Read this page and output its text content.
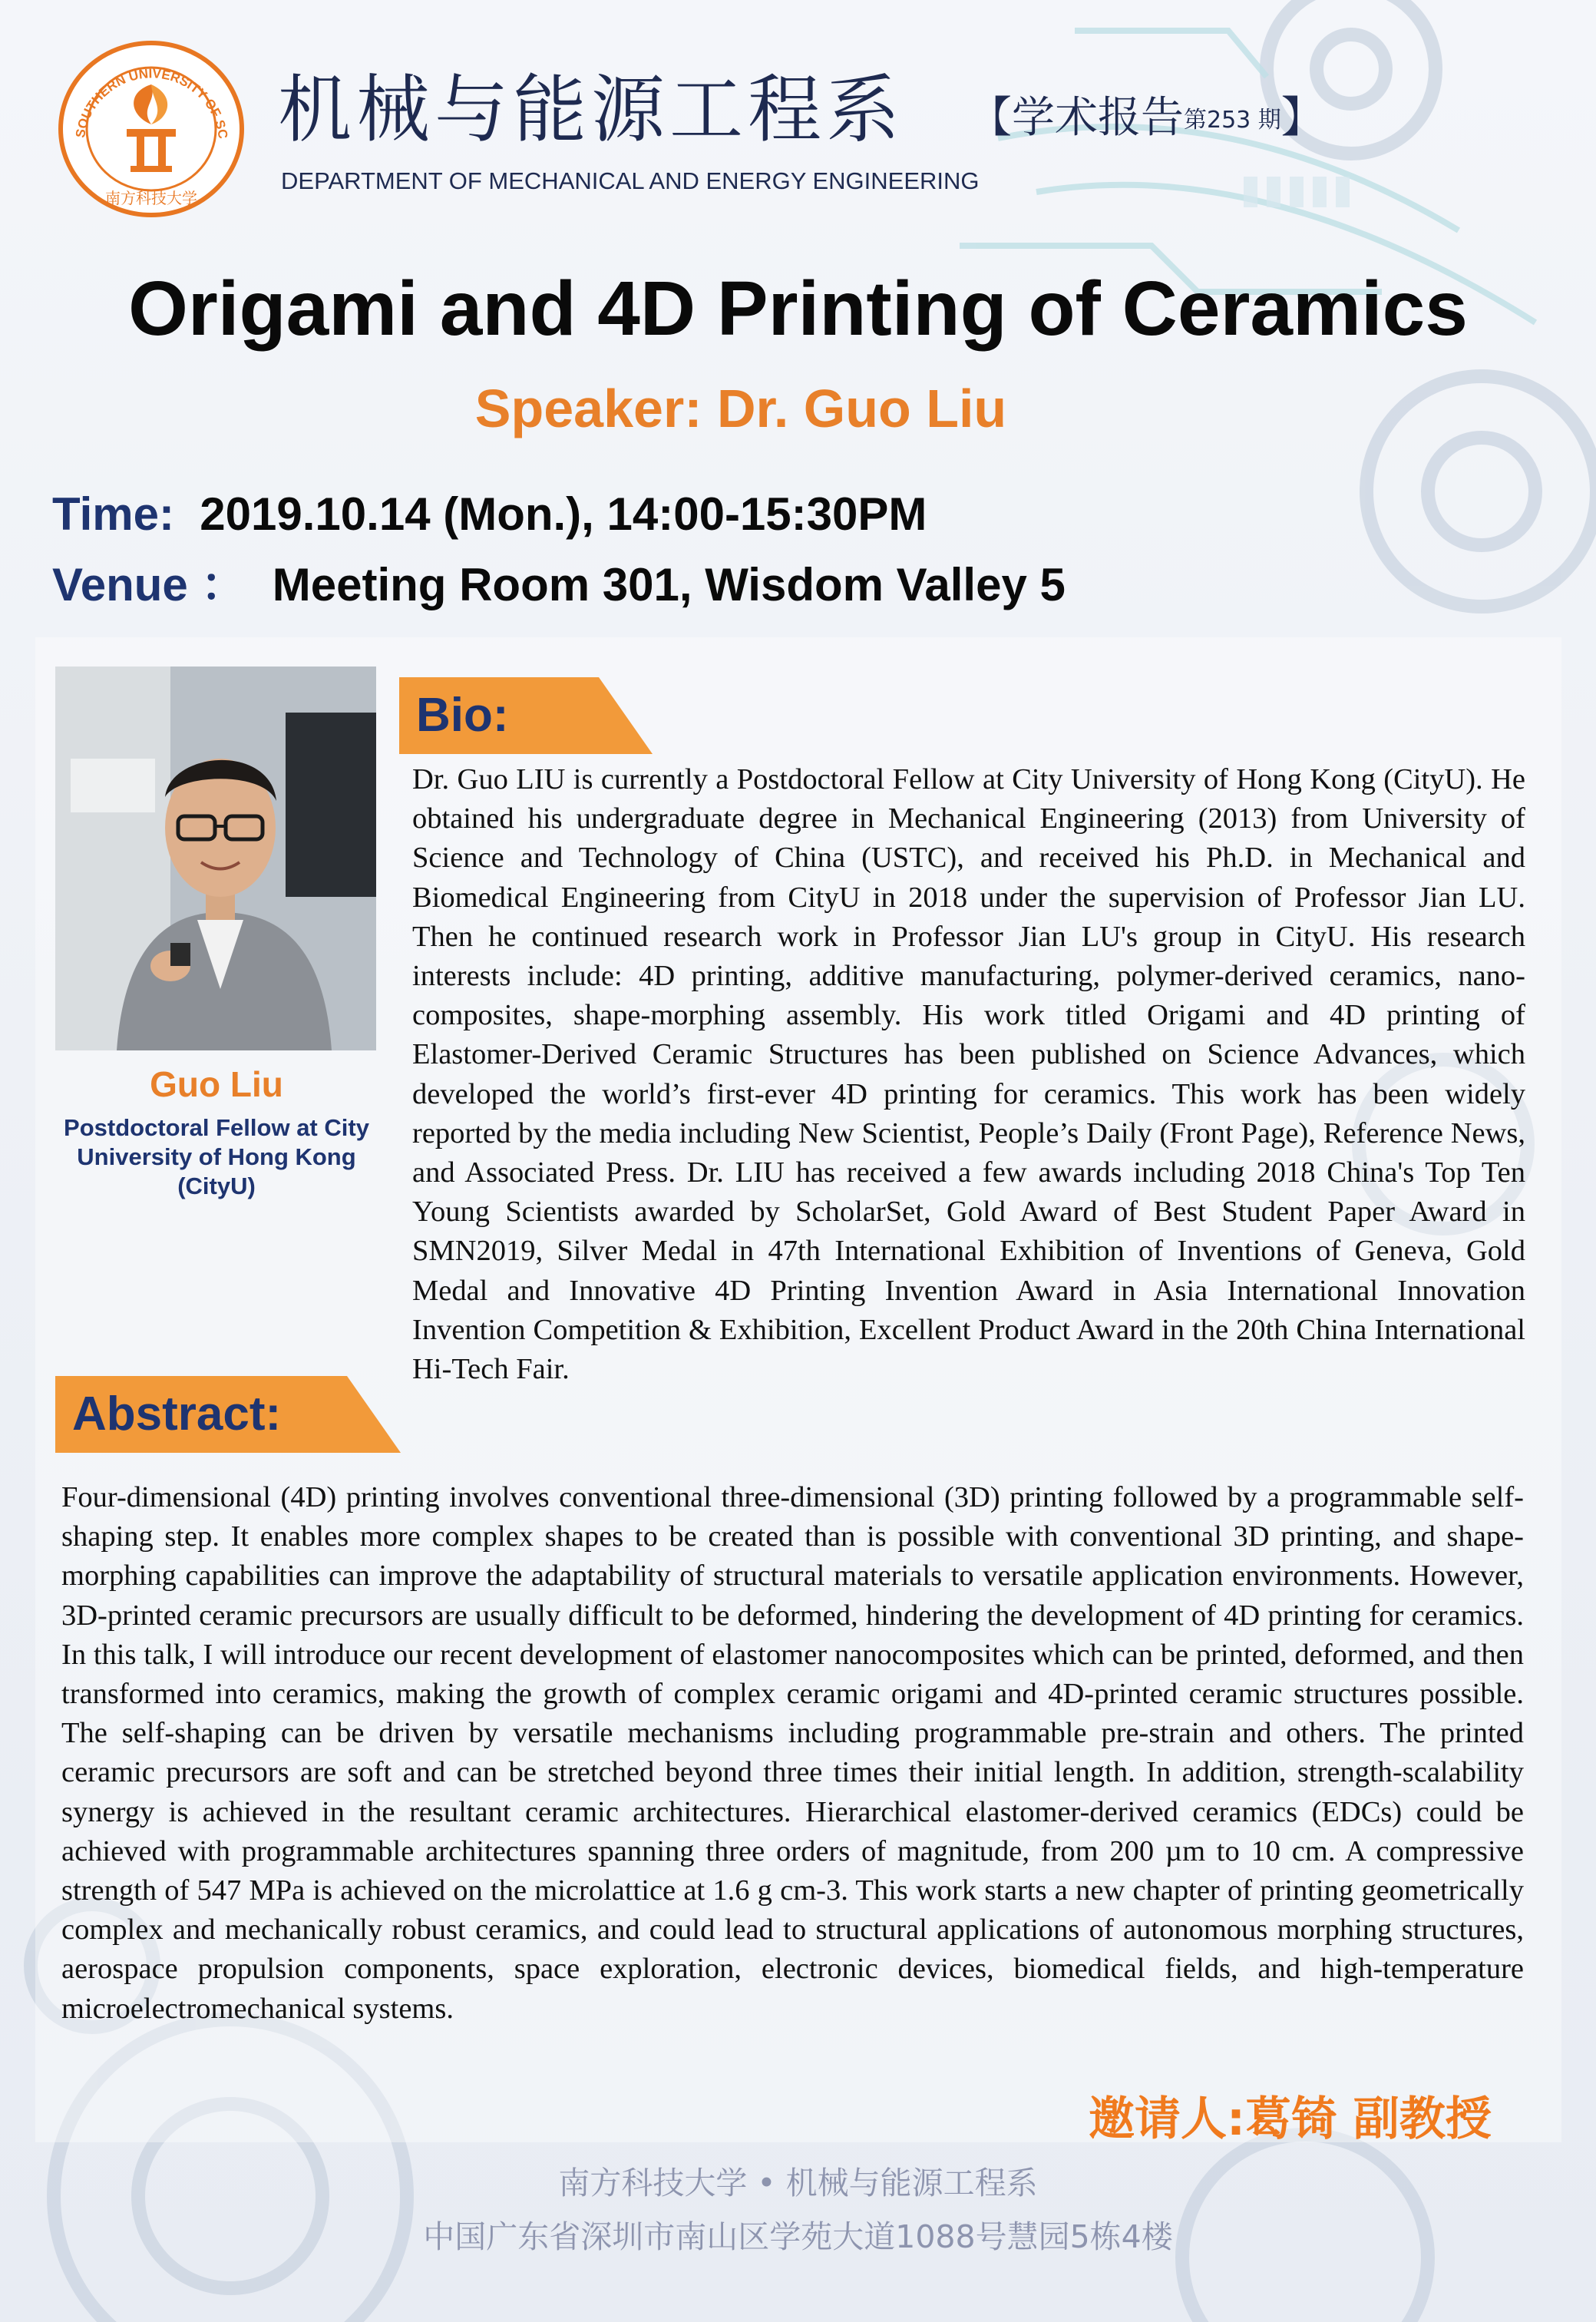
SOUTHERN UNIVERSITY OF SC
南方科技大学
机械与能源工程系
DEPARTMENT OF MECHANICAL AND ENERGY ENGINEERING
【学术报告第253 期】
Origami and 4D Printing of Ceramics
Speaker: Dr. Guo Liu
Time: 2019.10.14 (Mon.), 14:00-15:30PM
Venue ： Meeting Room 301, Wisdom Valley 5
Guo Liu
Postdoctoral Fellow at City University of Hong Kong (CityU)
Bio:
Dr. Guo LIU is currently a Postdoctoral Fellow at City University of Hong Kong (CityU). He obtained his undergraduate degree in Mechanical Engineering (2013) from University of Science and Technology of China (USTC), and received his Ph.D. in Mechanical and Biomedical Engineering from CityU in 2018 under the supervision of Professor Jian LU. Then he continued research work in Professor Jian LU's group in CityU. His research interests include: 4D printing, additive manufacturing, polymer-derived ceramics, nano-composites, shape-morphing assembly. His work titled Origami and 4D printing of Elastomer-Derived Ceramic Structures has been published on Science Advances, which developed the world’s first-ever 4D printing for ceramics. This work has been widely reported by the media including New Scientist, People’s Daily (Front Page), Reference News, and Associated Press. Dr. LIU has received a few awards including 2018 China's Top Ten Young Scientists awarded by ScholarSet, Gold Award of Best Student Paper Award in SMN2019, Silver Medal in 47th International Exhibition of Inventions of Geneva, Gold Medal and Innovative 4D Printing Invention Award in Asia International Innovation Invention Competition & Exhibition, Excellent Product Award in the 20th China International Hi-Tech Fair.
Abstract:
Four-dimensional (4D) printing involves conventional three-dimensional (3D) printing followed by a programmable self-shaping step. It enables more complex shapes to be created than is possible with conventional 3D printing, and shape-morphing capabilities can improve the adaptability of structural materials to versatile application environments. However, 3D-printed ceramic precursors are usually difficult to be deformed, hindering the development of 4D printing for ceramics. In this talk, I will introduce our recent development of elastomer nanocomposites which can be printed, deformed, and then transformed into ceramics, making the growth of complex ceramic origami and 4D-printed ceramic structures possible. The self-shaping can be driven by versatile mechanisms including programmable pre-strain and others. The printed ceramic precursors are soft and can be stretched beyond three times their initial length. In addition, strength-scalability synergy is achieved in the resultant ceramic architectures. Hierarchical elastomer-derived ceramics (EDCs) could be achieved with programmable architectures spanning three orders of magnitude, from 200 µm to 10 cm. A compressive strength of 547 MPa is achieved on the microlattice at 1.6 g cm-3. This work starts a new chapter of printing geometrically complex and mechanically robust ceramics, and could lead to structural applications of autonomous morphing structures, aerospace propulsion components, space exploration, electronic devices, biomedical fields, and high-temperature microelectromechanical systems.
邀请人:葛锜 副教授
南方科技大学 • 机械与能源工程系
中国广东省深圳市南山区学苑大道1088号慧园5栋4楼
